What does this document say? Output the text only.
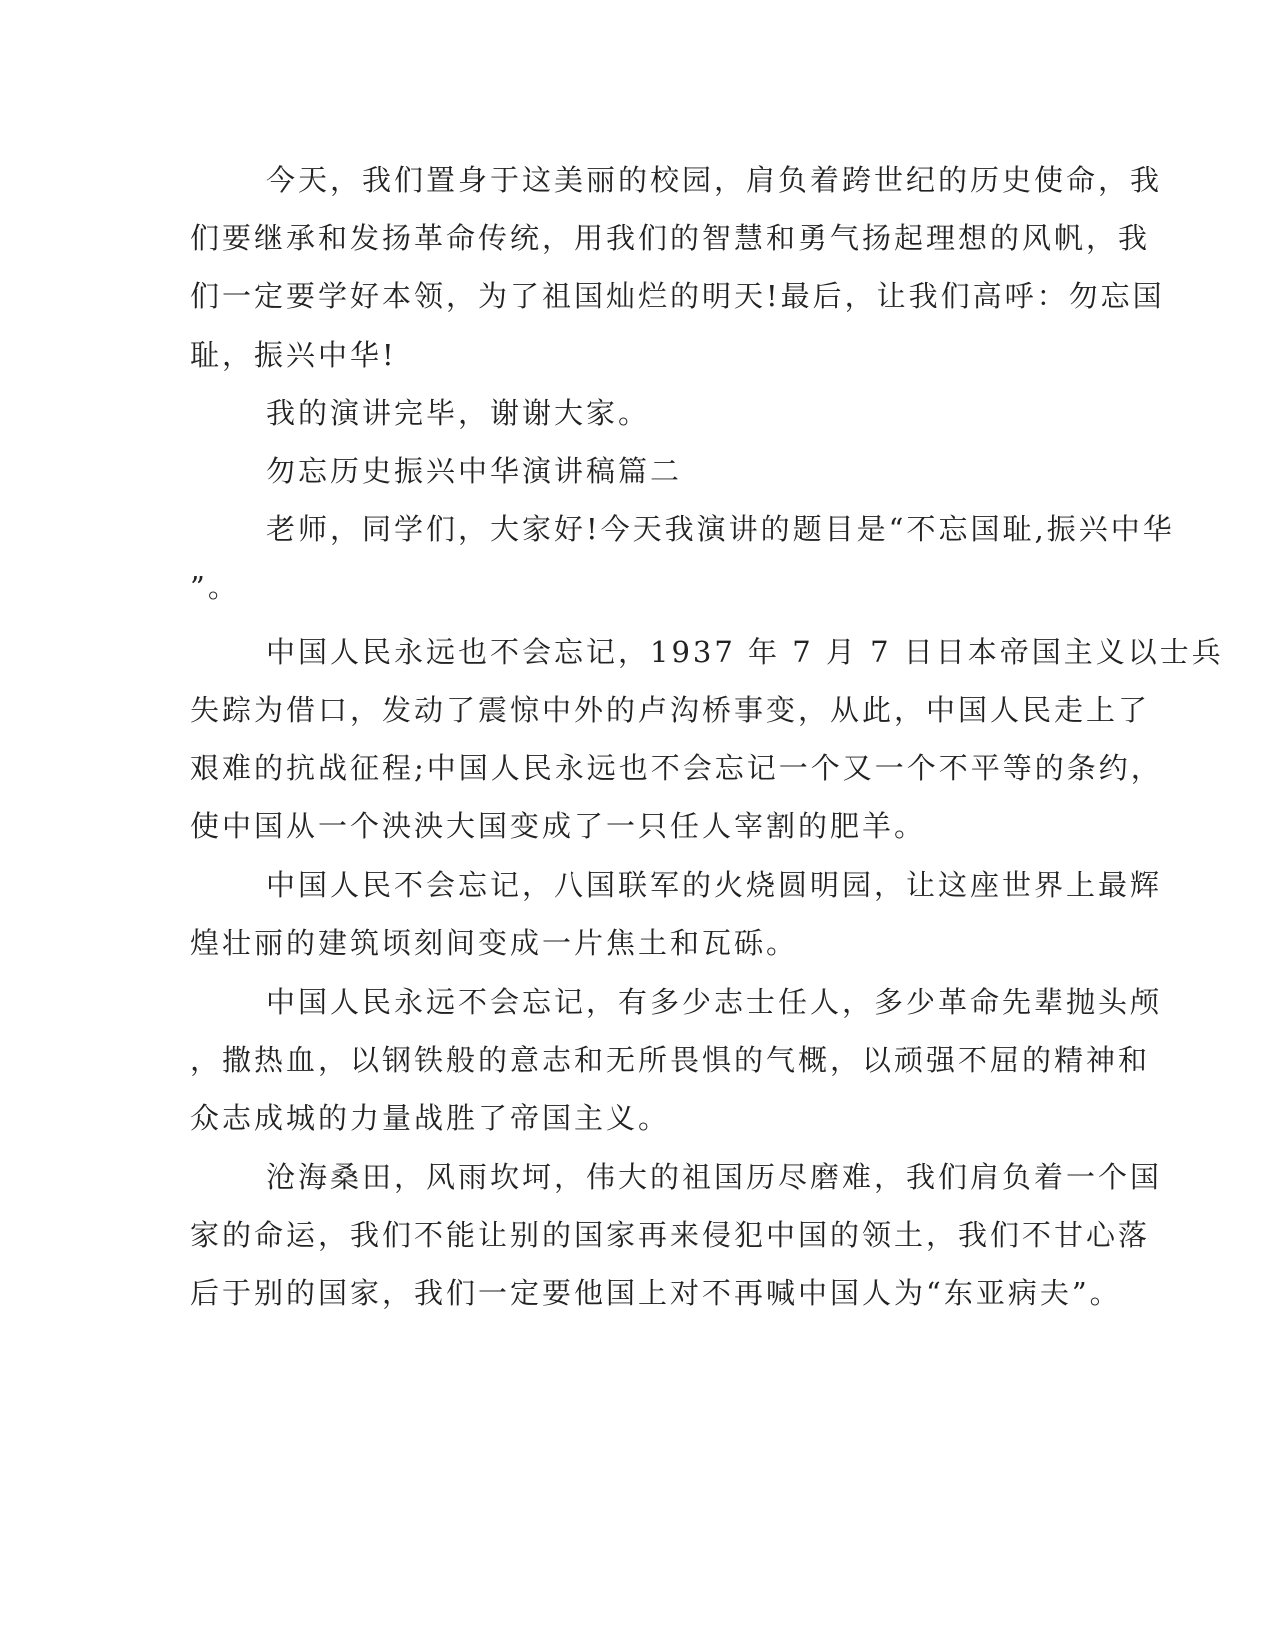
今天，我们置身于这美丽的校园，肩负着跨世纪的历史使命，我
们要继承和发扬革命传统，用我们的智慧和勇气扬起理想的风帆，我
们一定要学好本领，为了祖国灿烂的明天!最后，让我们高呼：勿忘国
耻，振兴中华!
我的演讲完毕，谢谢大家。
勿忘历史振兴中华演讲稿篇二
老师，同学们，大家好!今天我演讲的题目是“不忘国耻,振兴中华
”。
中国人民永远也不会忘记，1937 年 7 月 7 日日本帝国主义以士兵
失踪为借口，发动了震惊中外的卢沟桥事变，从此，中国人民走上了
艰难的抗战征程;中国人民永远也不会忘记一个又一个不平等的条约，
使中国从一个泱泱大国变成了一只任人宰割的肥羊。
中国人民不会忘记，八国联军的火烧圆明园，让这座世界上最辉
煌壮丽的建筑顷刻间变成一片焦土和瓦砾。
中国人民永远不会忘记，有多少志士任人，多少革命先辈抛头颅
，撒热血，以钢铁般的意志和无所畏惧的气概，以顽强不屈的精神和
众志成城的力量战胜了帝国主义。
沧海桑田，风雨坎坷，伟大的祖国历尽磨难，我们肩负着一个国
家的命运，我们不能让别的国家再来侵犯中国的领土，我们不甘心落
后于别的国家，我们一定要他国上对不再喊中国人为“东亚病夫”。
